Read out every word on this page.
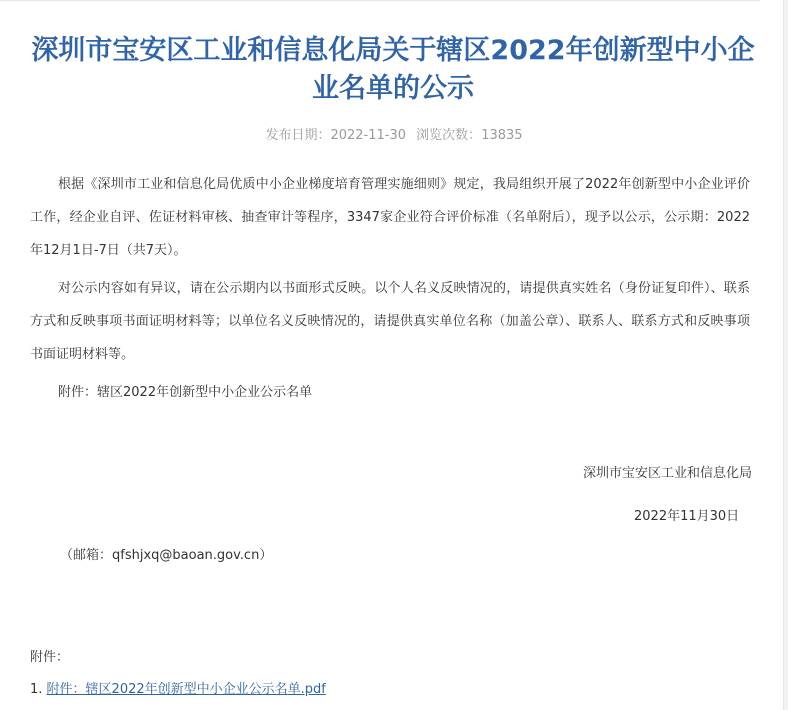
深圳市宝安区工业和信息化局关于辖区2022年创新型中小企业名单的公示
发布日期：2022-11-30 浏览次数：13835

根据《深圳市工业和信息化局优质中小企业梯度培育管理实施细则》规定，我局组织开展了2022年创新型中小企业评价工作，经企业自评、佐证材料审核、抽查审计等程序，3347家企业符合评价标准（名单附后），现予以公示，公示期：2022年12月1日-7日（共7天）。

对公示内容如有异议，请在公示期内以书面形式反映。以个人名义反映情况的，请提供真实姓名（身份证复印件）、联系方式和反映事项书面证明材料等；以单位名义反映情况的，请提供真实单位名称（加盖公章）、联系人、联系方式和反映事项书面证明材料等。

附件：辖区2022年创新型中小企业公示名单

深圳市宝安区工业和信息化局
2022年11月30日
（邮箱：qfshjxq@baoan.gov.cn）
附件：
1. 附件：辖区2022年创新型中小企业公示名单.pdf
